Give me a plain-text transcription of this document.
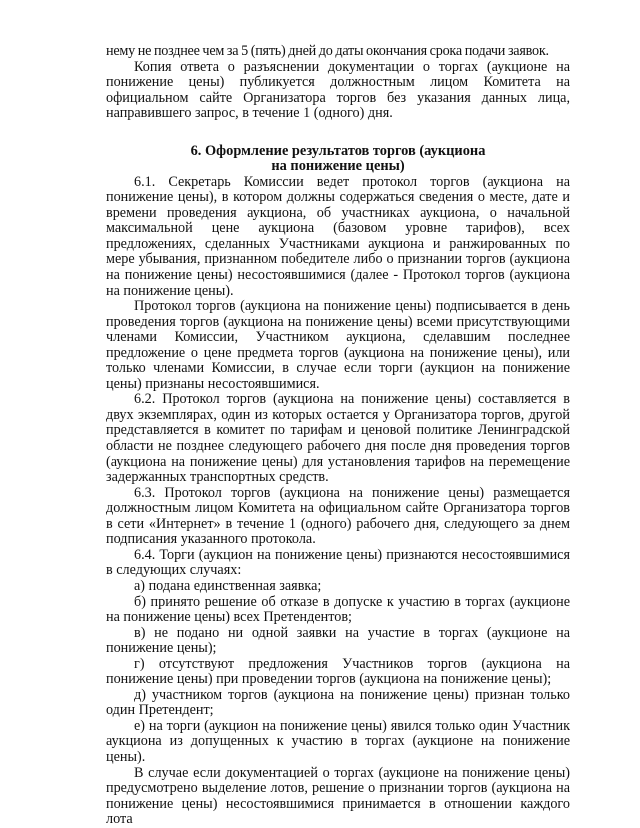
нему не позднее чем за 5 (пять) дней до даты окончания срока подачи заявок.

Копия ответа о разъяснении документации о торгах (аукционе на понижение цены) публикуется должностным лицом Комитета на официальном сайте Организатора торгов без указания данных лица, направившего запрос, в течение 1 (одного) дня.

6. Оформление результатов торгов (аукциона
на понижение цены)

6.1. Секретарь Комиссии ведет протокол торгов (аукциона на понижение цены), в котором должны содержаться сведения о месте, дате и времени проведения аукциона, об участниках аукциона, о начальной максимальной цене аукциона (базовом уровне тарифов), всех предложениях, сделанных Участниками аукциона и ранжированных по мере убывания, признанном победителе либо о признании торгов (аукциона на понижение цены) несостоявшимися (далее - Протокол торгов (аукциона на понижение цены).

Протокол торгов (аукциона на понижение цены) подписывается в день проведения торгов (аукциона на понижение цены) всеми присутствующими членами Комиссии, Участником аукциона, сделавшим последнее предложение о цене предмета торгов (аукциона на понижение цены), или только членами Комиссии, в случае если торги (аукцион на понижение цены) признаны несостоявшимися.

6.2. Протокол торгов (аукциона на понижение цены) составляется в двух экземплярах, один из которых остается у Организатора торгов, другой представляется в комитет по тарифам и ценовой политике Ленинградской области не позднее следующего рабочего дня после дня проведения торгов (аукциона на понижение цены) для установления тарифов на перемещение задержанных транспортных средств.

6.3. Протокол торгов (аукциона на понижение цены) размещается должностным лицом Комитета на официальном сайте Организатора торгов в сети «Интернет» в течение 1 (одного) рабочего дня, следующего за днем подписания указанного протокола.

6.4. Торги (аукцион на понижение цены) признаются несостоявшимися в следующих случаях:

а) подана единственная заявка;

б) принято решение об отказе в допуске к участию в торгах (аукционе на понижение цены) всех Претендентов;

в) не подано ни одной заявки на участие в торгах (аукционе на понижение цены);

г) отсутствуют предложения Участников торгов (аукциона на понижение цены) при проведении торгов (аукциона на понижение цены);

д) участником торгов (аукциона на понижение цены) признан только один Претендент;

е) на торги (аукцион на понижение цены) явился только один Участник аукциона из допущенных к участию в торгах (аукционе на понижение цены).

В случае если документацией о торгах (аукционе на понижение цены) предусмотрено выделение лотов, решение о признании торгов (аукциона на понижение цены) несостоявшимися принимается в отношении каждого лота
